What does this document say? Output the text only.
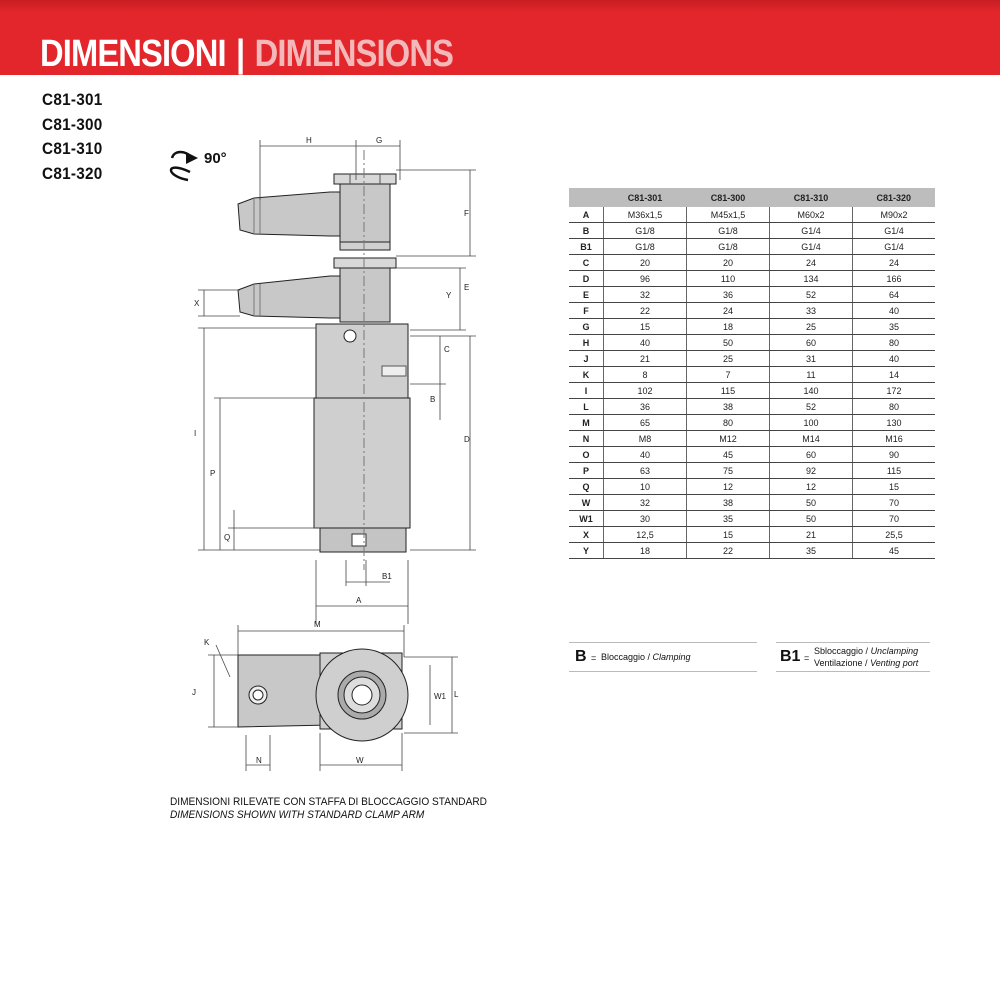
DIMENSIONI | DIMENSIONS
C81-301
C81-300
C81-310
C81-320
90°
H	G
F
X
Y
E
C
B
I
D
P
Q
B1
A
M
K
J	W1 L
N	W
	C81-301	C81-300	C81-310	C81-320
A	M36x1,5	M45x1,5	M60x2	M90x2
B	G1/8	G1/8	G1/4	G1/4
B1	G1/8	G1/8	G1/4	G1/4
C	20	20	24	24
D	96	110	134	166
E	32	36	52	64
F	22	24	33	40
G	15	18	25	35
H	40	50	60	80
J	21	25	31	40
K	8	7	11	14
I	102	115	140	172
L	36	38	52	80
M	65	80	100	130
N	M8	M12	M14	M16
O	40	45	60	90
P	63	75	92	115
Q	10	12	12	15
W	32	38	50	70
W1	30	35	50	70
X	12,5	15	21	25,5
Y	18	22	35	45
B = Bloccaggio / Clamping	B1 =
Sbloccaggio / Unclamping
Ventilazione / Venting port
DIMENSIONI RILEVATE CON STAFFA DI BLOCCAGGIO STANDARD
DIMENSIONS SHOWN WITH STANDARD CLAMP ARM
